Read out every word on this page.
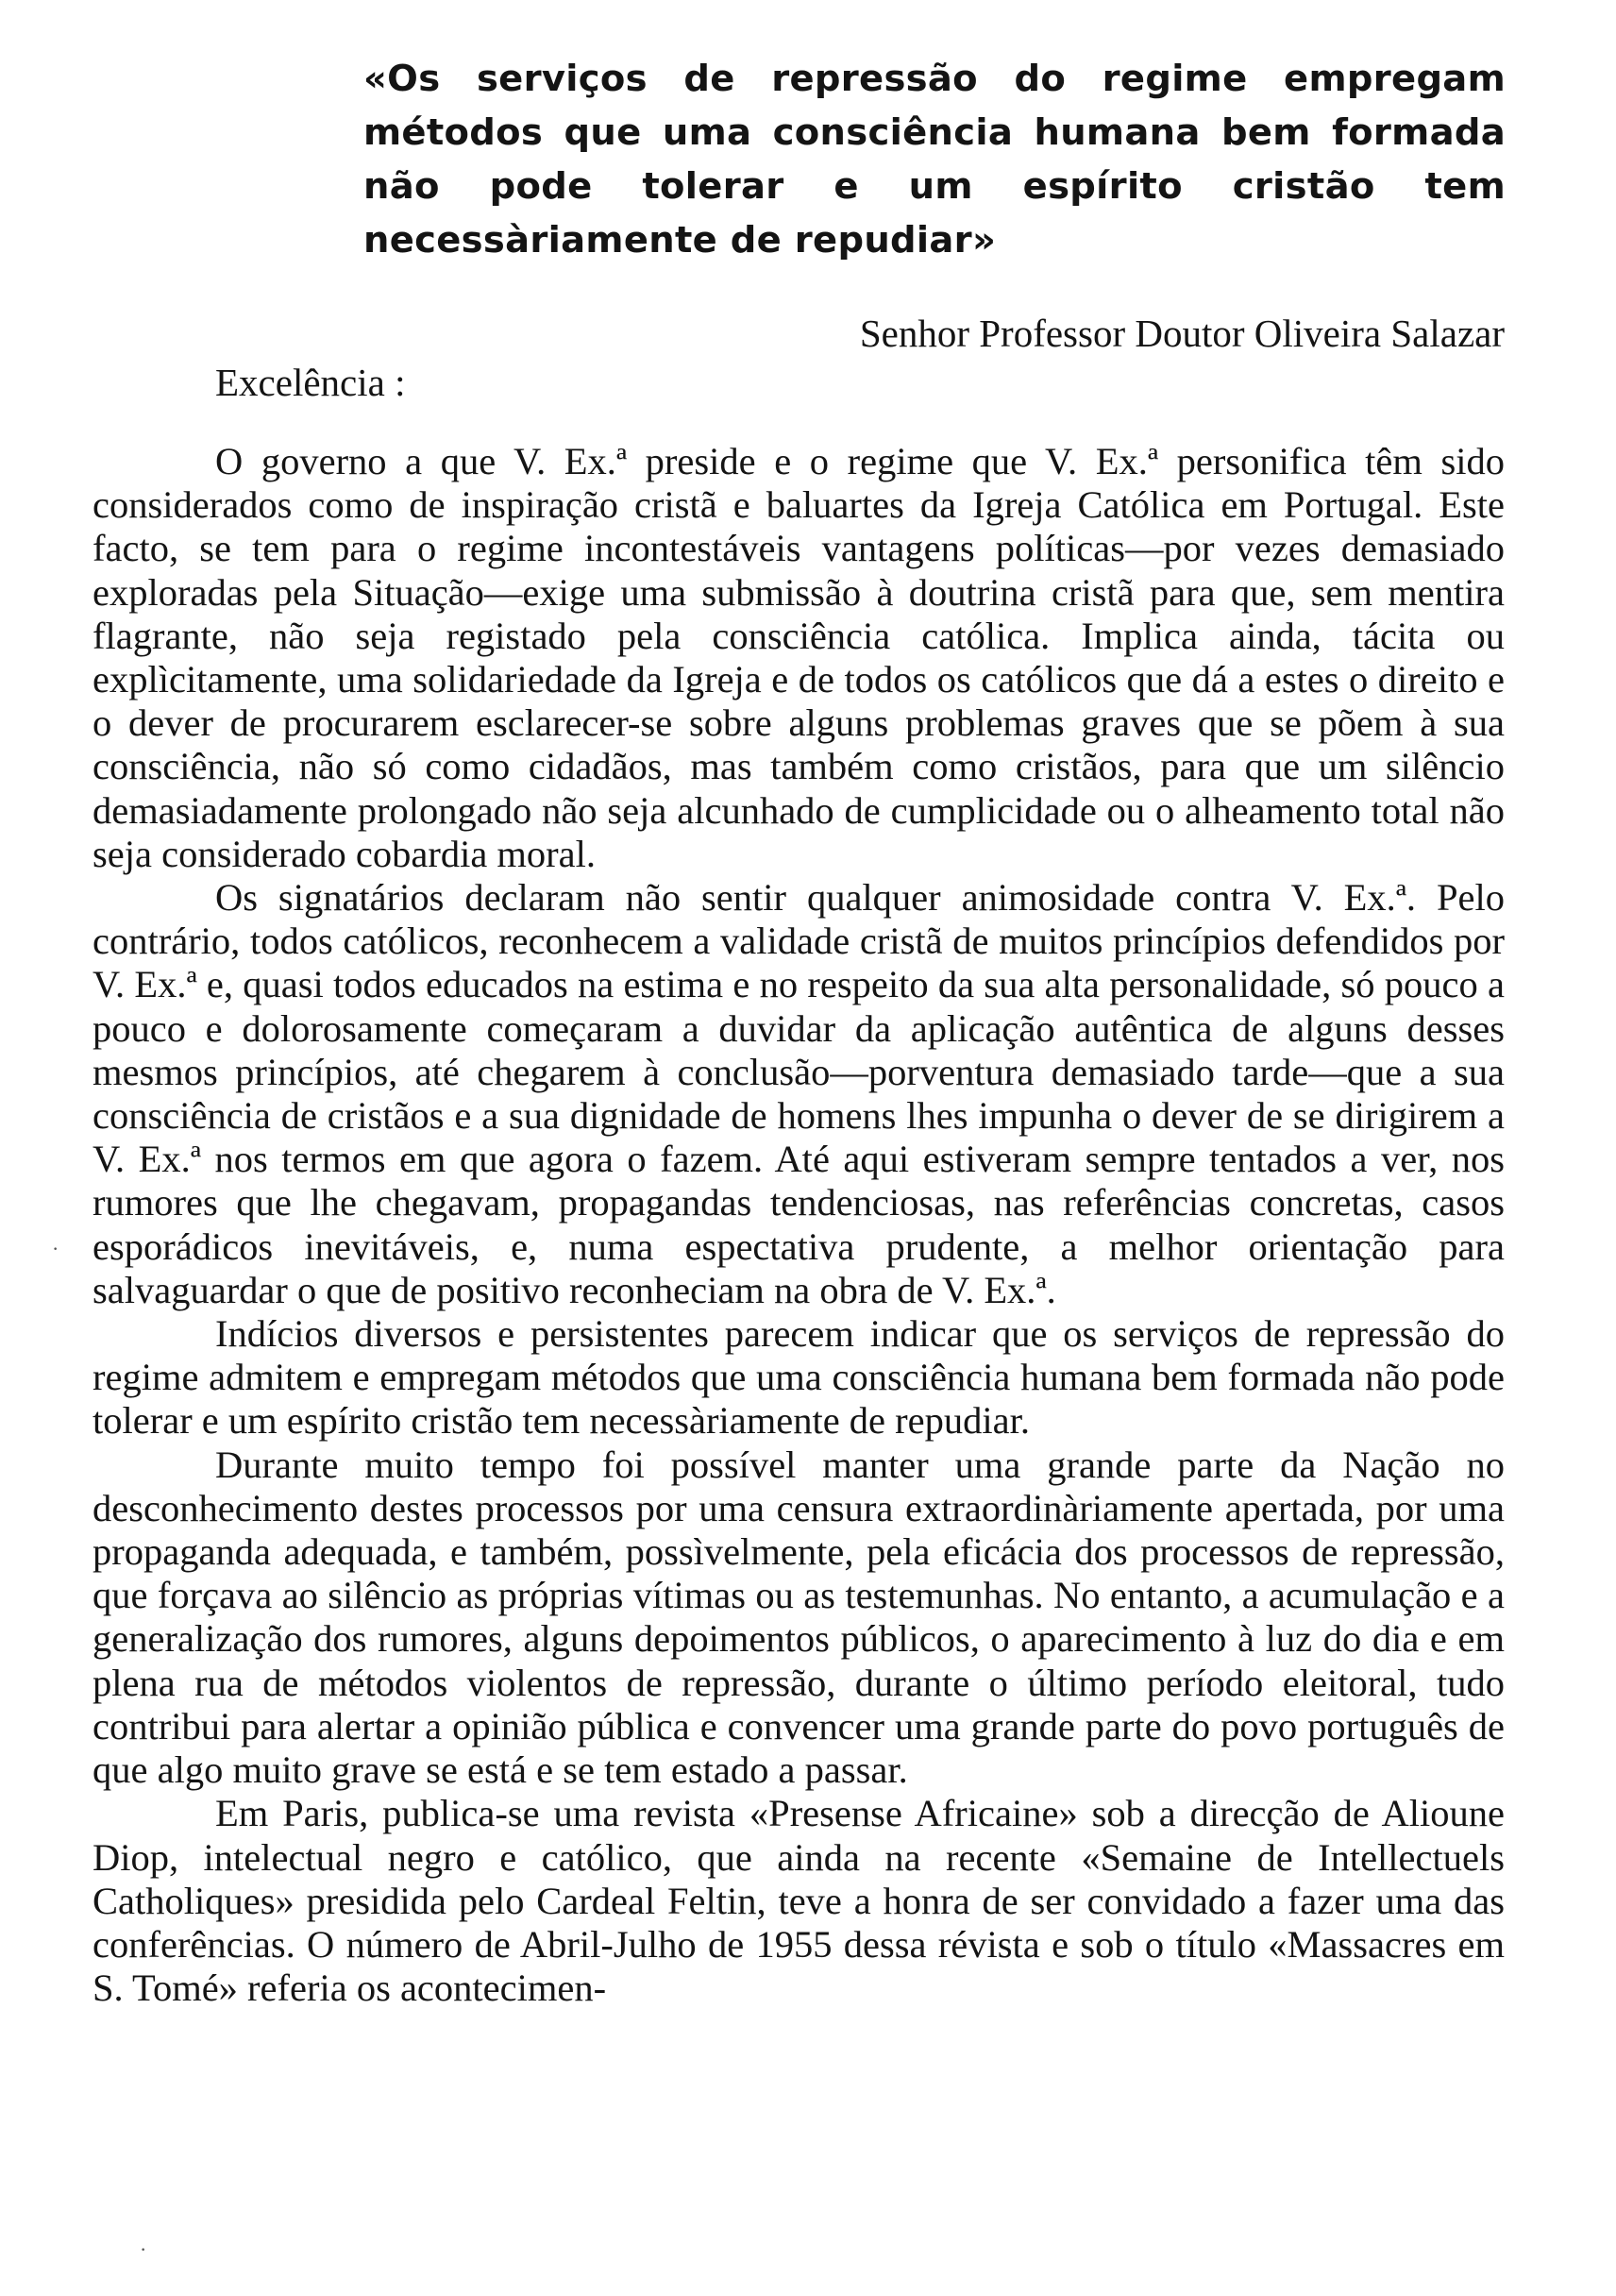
«Os serviços de repressão do regime empregam métodos que uma consciência humana bem formada não pode tolerar e um espírito cristão tem necessàriamente de repudiar»

Senhor Professor Doutor Oliveira Salazar

Excelência :

O governo a que V. Ex.ª preside e o regime que V. Ex.ª personifica têm sido considerados como de inspiração cristã e baluartes da Igreja Católica em Portugal. Este facto, se tem para o regime incontestáveis vantagens políticas—por vezes demasiado exploradas pela Situação—exige uma submissão à doutrina cristã para que, sem mentira flagrante, não seja registado pela consciência católica. Implica ainda, tácita ou explìcitamente, uma solidariedade da Igreja e de todos os católicos que dá a estes o direito e o dever de procurarem esclarecer-se sobre alguns problemas graves que se põem à sua consciência, não só como cidadãos, mas também como cristãos, para que um silêncio demasiadamente prolongado não seja alcunhado de cumplicidade ou o alheamento total não seja considerado cobardia moral.

Os signatários declaram não sentir qualquer animosidade contra V. Ex.ª. Pelo contrário, todos católicos, reconhecem a validade cristã de muitos princípios defendidos por V. Ex.ª e, quasi todos educados na estima e no respeito da sua alta personalidade, só pouco a pouco e dolorosamente começaram a duvidar da aplicação autêntica de alguns desses mesmos princípios, até chegarem à conclusão—porventura demasiado tarde—que a sua consciência de cristãos e a sua dignidade de homens lhes impunha o dever de se dirigirem a V. Ex.ª nos termos em que agora o fazem. Até aqui estiveram sempre tentados a ver, nos rumores que lhe chegavam, propagandas tendenciosas, nas referências concretas, casos esporádicos inevitáveis, e, numa espectativa prudente, a melhor orientação para salvaguardar o que de positivo reconheciam na obra de V. Ex.ª.

Indícios diversos e persistentes parecem indicar que os serviços de repressão do regime admitem e empregam métodos que uma consciência humana bem formada não pode tolerar e um espírito cristão tem necessàriamente de repudiar.

Durante muito tempo foi possível manter uma grande parte da Nação no desconhecimento destes processos por uma censura extraordinàriamente apertada, por uma propaganda adequada, e também, possìvelmente, pela eficácia dos processos de repressão, que forçava ao silêncio as próprias vítimas ou as testemunhas. No entanto, a acumulação e a generalização dos rumores, alguns depoimentos públicos, o aparecimento à luz do dia e em plena rua de métodos violentos de repressão, durante o último período eleitoral, tudo contribui para alertar a opinião pública e convencer uma grande parte do povo português de que algo muito grave se está e se tem estado a passar.

Em Paris, publica-se uma revista «Presense Africaine» sob a direcção de Alioune Diop, intelectual negro e católico, que ainda na recente «Semaine de Intellectuels Catholiques» presidida pelo Cardeal Feltin, teve a honra de ser convidado a fazer uma das conferências. O número de Abril-Julho de 1955 dessa révista e sob o título «Massacres em S. Tomé» referia os acontecimen-

·
·
